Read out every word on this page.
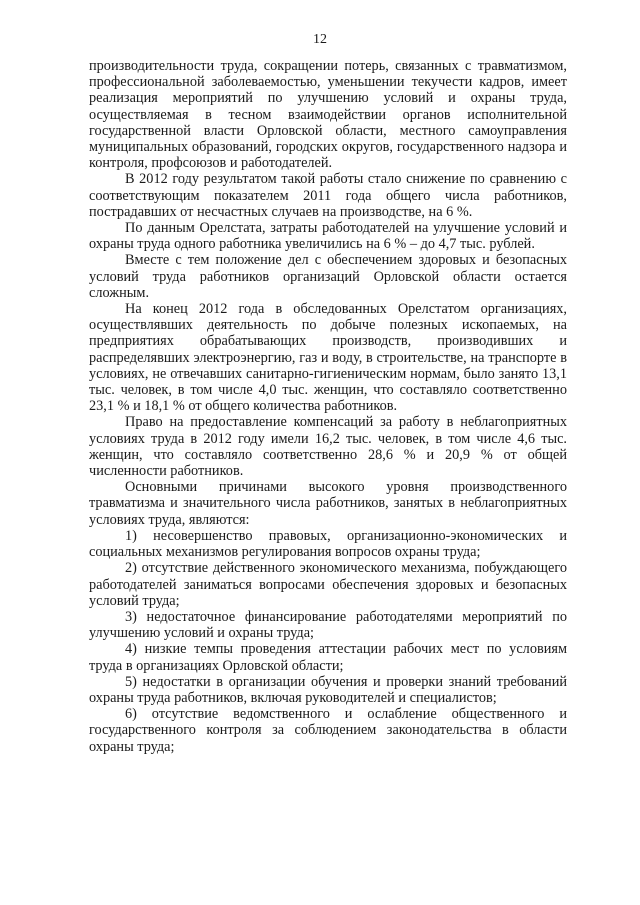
12

производительности труда, сокращении потерь, связанных с травматизмом, профессиональной заболеваемостью, уменьшении текучести кадров, имеет реализация мероприятий по улучшению условий и охраны труда, осуществляемая в тесном взаимодействии органов исполнительной государственной власти Орловской области, местного самоуправления муниципальных образований, городских округов, государственного надзора и контроля, профсоюзов и работодателей.

В 2012 году результатом такой работы стало снижение по сравнению с соответствующим показателем 2011 года общего числа работников, пострадавших от несчастных случаев на производстве, на 6 %.

По данным Орелстата, затраты работодателей на улучшение условий и охраны труда одного работника увеличились на 6 % – до 4,7 тыс. рублей.

Вместе с тем положение дел с обеспечением здоровых и безопасных условий труда работников организаций Орловской области остается сложным.

На конец 2012 года в обследованных Орелстатом организациях, осуществлявших деятельность по добыче полезных ископаемых, на предприятиях обрабатывающих производств, производивших и распределявших электроэнергию, газ и воду, в строительстве, на транспорте в условиях, не отвечавших санитарно-гигиеническим нормам, было занято 13,1 тыс. человек, в том числе 4,0 тыс. женщин, что составляло соответственно 23,1 % и 18,1 % от общего количества работников.

Право на предоставление компенсаций за работу в неблагоприятных условиях труда в 2012 году имели 16,2 тыс. человек, в том числе 4,6 тыс. женщин, что составляло соответственно 28,6 % и 20,9 % от общей численности работников.

Основными причинами высокого уровня производственного травматизма и значительного числа работников, занятых в неблагоприятных условиях труда, являются:

1) несовершенство правовых, организационно-экономических и социальных механизмов регулирования вопросов охраны труда;

2) отсутствие действенного экономического механизма, побуждающего работодателей заниматься вопросами обеспечения здоровых и безопасных условий труда;

3) недостаточное финансирование работодателями мероприятий по улучшению условий и охраны труда;

4) низкие темпы проведения аттестации рабочих мест по условиям труда в организациях Орловской области;

5) недостатки в организации обучения и проверки знаний требований охраны труда работников, включая руководителей и специалистов;

6) отсутствие ведомственного и ослабление общественного и государственного контроля за соблюдением законодательства в области охраны труда;
